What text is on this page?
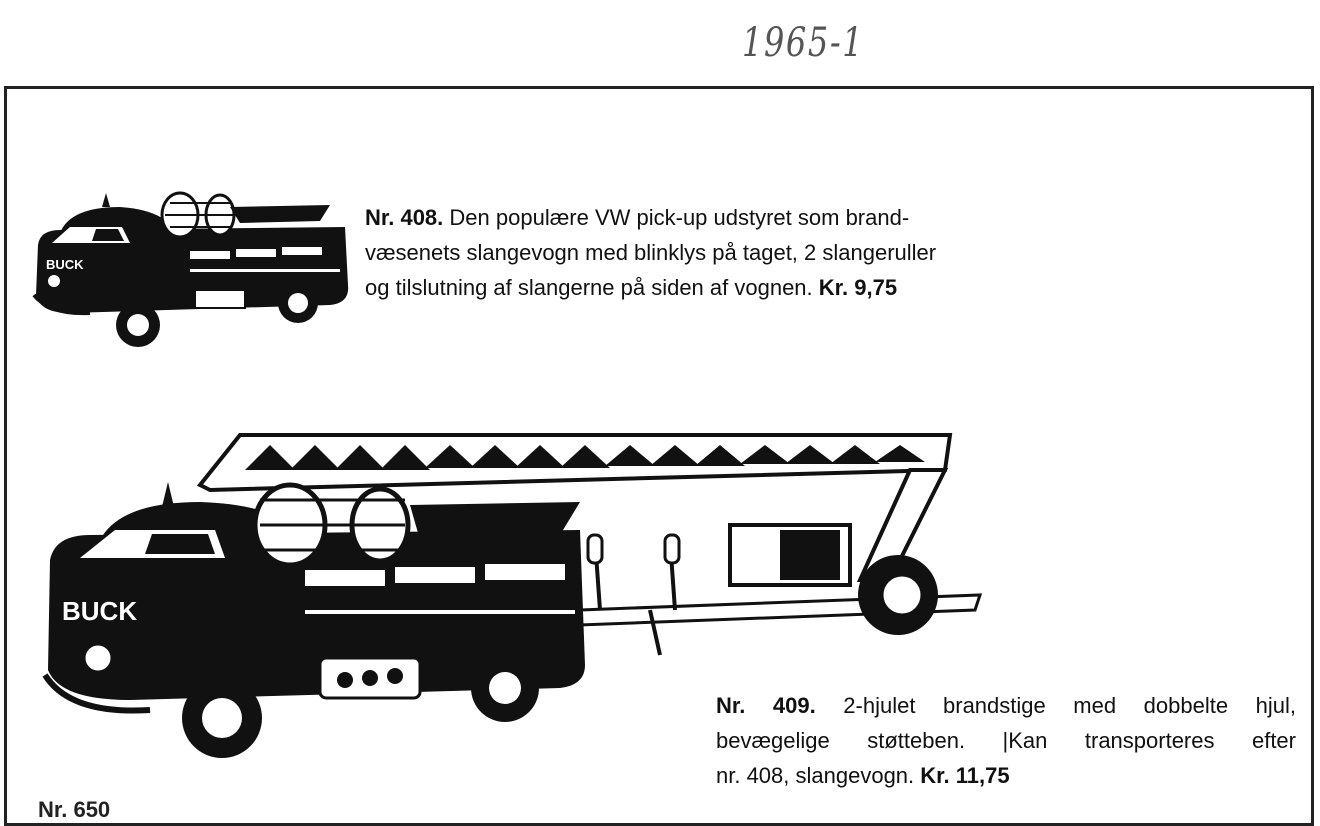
1965-1
BUCK
Nr. 408. Den populære VW pick-up udstyret som brand-
væsenets slangevogn med blinklys på taget, 2 slangeruller
og tilslutning af slangerne på siden af vognen. Kr. 9,75
BUCK
Nr. 409. 2-hjulet brandstige med dobbelte hjul,
bevægelige støtteben. |Kan transporteres efter
nr. 408, slangevogn. Kr. 11,75
Nr. 650
